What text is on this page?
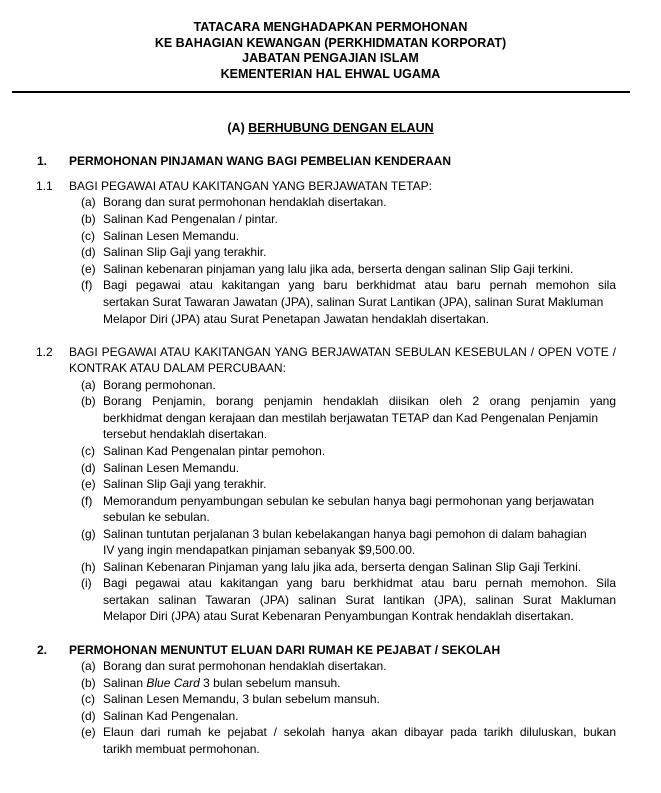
TATACARA MENGHADAPKAN PERMOHONAN
KE BAHAGIAN KEWANGAN (PERKHIDMATAN KORPORAT)
JABATAN PENGAJIAN ISLAM
KEMENTERIAN HAL EHWAL UGAMA
(A) BERHUBUNG DENGAN ELAUN
1. PERMOHONAN PINJAMAN WANG BAGI PEMBELIAN KENDERAAN
1.1 BAGI PEGAWAI ATAU KAKITANGAN YANG BERJAWATAN TETAP:
(a) Borang dan surat permohonan hendaklah disertakan.
(b) Salinan Kad Pengenalan / pintar.
(c) Salinan Lesen Memandu.
(d) Salinan Slip Gaji yang terakhir.
(e) Salinan kebenaran pinjaman yang lalu jika ada, berserta dengan salinan Slip Gaji terkini.
(f) Bagi pegawai atau kakitangan yang baru berkhidmat atau baru pernah memohon sila
sertakan Surat Tawaran Jawatan (JPA), salinan Surat Lantikan (JPA), salinan Surat Makluman
Melapor Diri (JPA) atau Surat Penetapan Jawatan hendaklah disertakan.
1.2 BAGI PEGAWAI ATAU KAKITANGAN YANG BERJAWATAN SEBULAN KESEBULAN / OPEN VOTE /
KONTRAK ATAU DALAM PERCUBAAN:
(a) Borang permohonan.
(b) Borang Penjamin, borang penjamin hendaklah diisikan oleh 2 orang penjamin yang
berkhidmat dengan kerajaan dan mestilah berjawatan TETAP dan Kad Pengenalan Penjamin
tersebut hendaklah disertakan.
(c) Salinan Kad Pengenalan pintar pemohon.
(d) Salinan Lesen Memandu.
(e) Salinan Slip Gaji yang terakhir.
(f) Memorandum penyambungan sebulan ke sebulan hanya bagi permohonan yang berjawatan
sebulan ke sebulan.
(g) Salinan tuntutan perjalanan 3 bulan kebelakangan hanya bagi pemohon di dalam bahagian
IV yang ingin mendapatkan pinjaman sebanyak $9,500.00.
(h) Salinan Kebenaran Pinjaman yang lalu jika ada, berserta dengan Salinan Slip Gaji Terkini.
(i) Bagi pegawai atau kakitangan yang baru berkhidmat atau baru pernah memohon. Sila
sertakan salinan Tawaran (JPA) salinan Surat lantikan (JPA), salinan Surat Makluman
Melapor Diri (JPA) atau Surat Kebenaran Penyambungan Kontrak hendaklah disertakan.
2. PERMOHONAN MENUNTUT ELUAN DARI RUMAH KE PEJABAT / SEKOLAH
(a) Borang dan surat permohonan hendaklah disertakan.
(b) Salinan Blue Card 3 bulan sebelum mansuh.
(c) Salinan Lesen Memandu, 3 bulan sebelum mansuh.
(d) Salinan Kad Pengenalan.
(e) Elaun dari rumah ke pejabat / sekolah hanya akan dibayar pada tarikh diluluskan, bukan
tarikh membuat permohonan.
